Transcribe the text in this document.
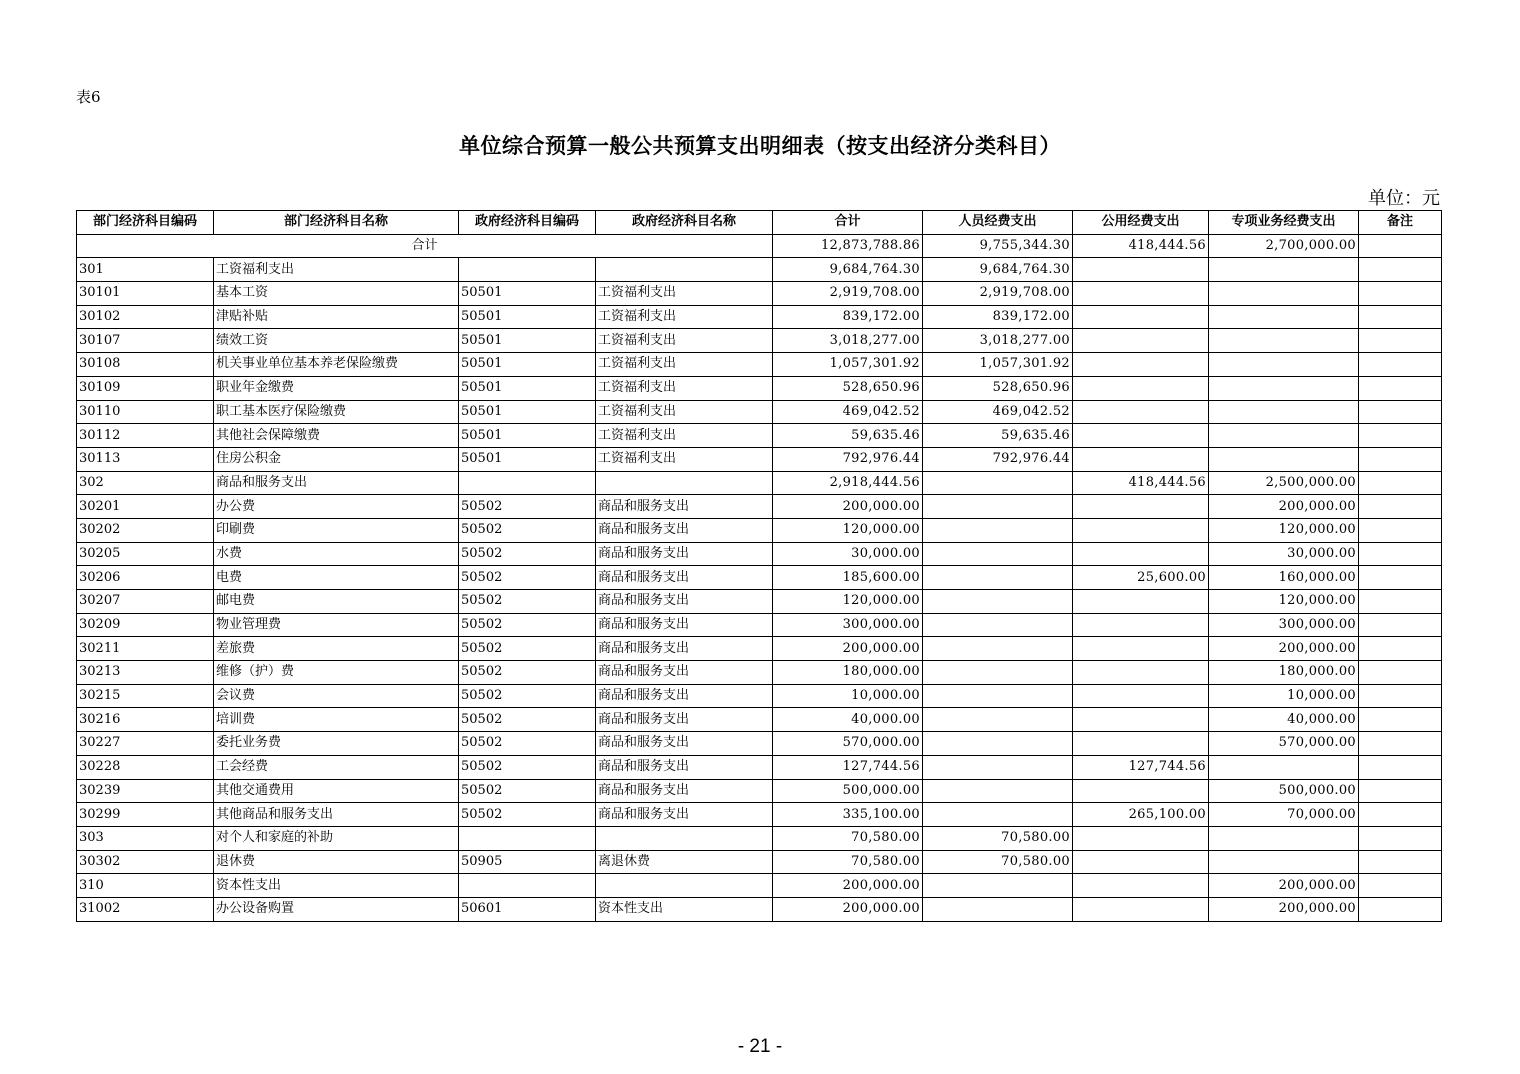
表6
单位综合预算一般公共预算支出明细表（按支出经济分类科目）
单位：元
部门经济科目编码	部门经济科目名称	政府经济科目编码	政府经济科目名称	合计	人员经费支出	公用经费支出	专项业务经费支出	备注
合计				12,873,788.86	9,755,344.30	418,444.56	2,700,000.00	
301	工资福利支出			9,684,764.30	9,684,764.30			
30101	基本工资	50501	工资福利支出	2,919,708.00	2,919,708.00			
30102	津贴补贴	50501	工资福利支出	839,172.00	839,172.00			
30107	绩效工资	50501	工资福利支出	3,018,277.00	3,018,277.00			
30108	机关事业单位基本养老保险缴费	50501	工资福利支出	1,057,301.92	1,057,301.92			
30109	职业年金缴费	50501	工资福利支出	528,650.96	528,650.96			
30110	职工基本医疗保险缴费	50501	工资福利支出	469,042.52	469,042.52			
30112	其他社会保障缴费	50501	工资福利支出	59,635.46	59,635.46			
30113	住房公积金	50501	工资福利支出	792,976.44	792,976.44			
302	商品和服务支出			2,918,444.56		418,444.56	2,500,000.00	
30201	办公费	50502	商品和服务支出	200,000.00			200,000.00	
30202	印刷费	50502	商品和服务支出	120,000.00			120,000.00	
30205	水费	50502	商品和服务支出	30,000.00			30,000.00	
30206	电费	50502	商品和服务支出	185,600.00		25,600.00	160,000.00	
30207	邮电费	50502	商品和服务支出	120,000.00			120,000.00	
30209	物业管理费	50502	商品和服务支出	300,000.00			300,000.00	
30211	差旅费	50502	商品和服务支出	200,000.00			200,000.00	
30213	维修（护）费	50502	商品和服务支出	180,000.00			180,000.00	
30215	会议费	50502	商品和服务支出	10,000.00			10,000.00	
30216	培训费	50502	商品和服务支出	40,000.00			40,000.00	
30227	委托业务费	50502	商品和服务支出	570,000.00			570,000.00	
30228	工会经费	50502	商品和服务支出	127,744.56		127,744.56		
30239	其他交通费用	50502	商品和服务支出	500,000.00			500,000.00	
30299	其他商品和服务支出	50502	商品和服务支出	335,100.00		265,100.00	70,000.00	
303	对个人和家庭的补助			70,580.00	70,580.00			
30302	退休费	50905	离退休费	70,580.00	70,580.00			
310	资本性支出			200,000.00			200,000.00	
31002	办公设备购置	50601	资本性支出	200,000.00			200,000.00	
- 21 -
